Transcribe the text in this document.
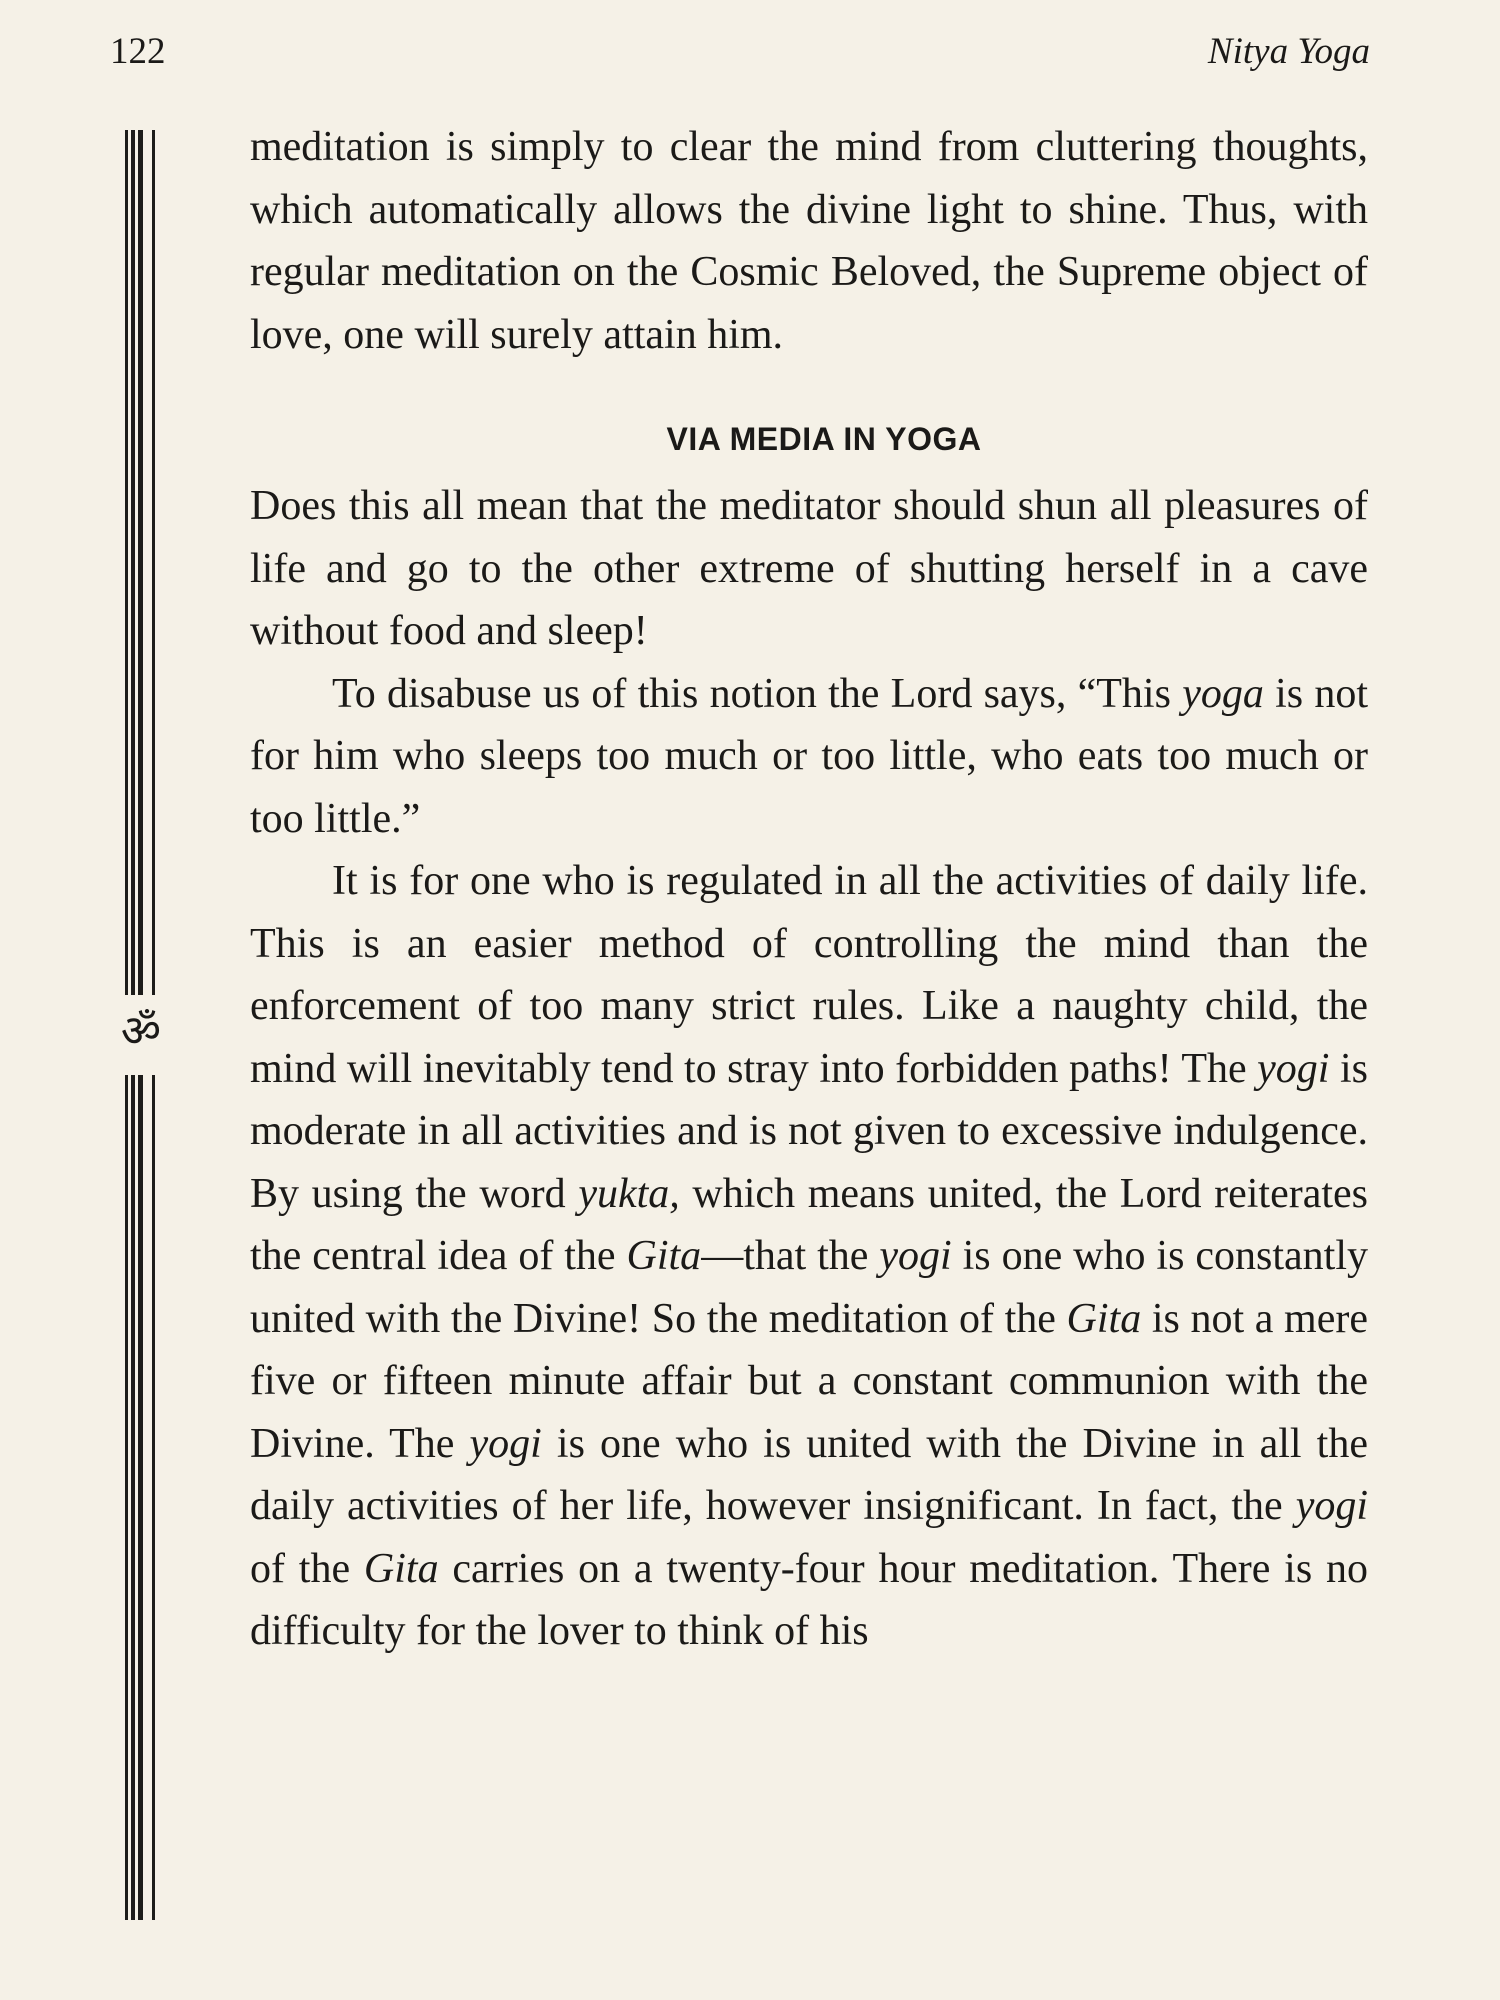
122	Nitya Yoga
ॐ

meditation is simply to clear the mind from cluttering thoughts, which automatically allows the divine light to shine. Thus, with regular meditation on the Cosmic Beloved, the Supreme object of love, one will surely attain him.

VIA MEDIA IN YOGA

Does this all mean that the meditator should shun all pleasures of life and go to the other extreme of shutting herself in a cave without food and sleep!

To disabuse us of this notion the Lord says, “This yoga is not for him who sleeps too much or too little, who eats too much or too little.”

It is for one who is regulated in all the activities of daily life. This is an easier method of controlling the mind than the enforcement of too many strict rules. Like a naughty child, the mind will inevitably tend to stray into forbidden paths! The yogi is moderate in all activities and is not given to excessive indulgence. By using the word yukta, which means united, the Lord reiterates the central idea of the Gita—that the yogi is one who is constantly united with the Divine! So the meditation of the Gita is not a mere five or fifteen minute affair but a constant communion with the Divine. The yogi is one who is united with the Divine in all the daily activities of her life, however insignificant. In fact, the yogi of the Gita carries on a twenty-four hour meditation. There is no difficulty for the lover to think of his
